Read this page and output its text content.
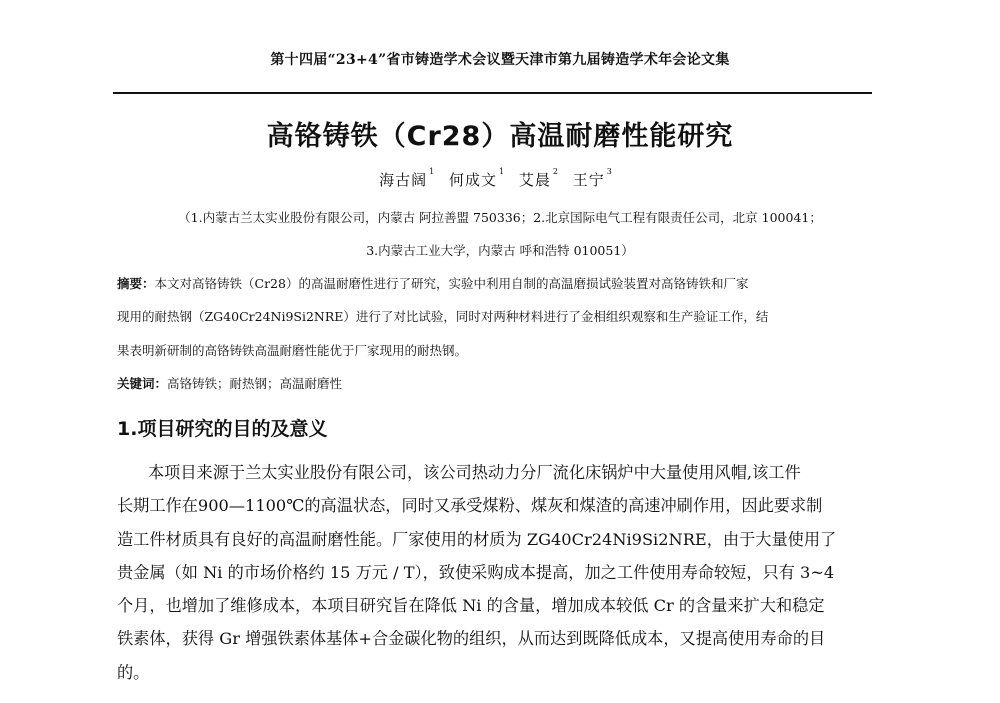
第十四届“23+4”省市铸造学术会议暨天津市第九届铸造学术年会论文集
高铬铸铁（Cr28）高温耐磨性能研究
海古阔 $^1$ 何成文 $^1$ 艾晨 $^2$ 王宁 $^3$
（1.内蒙古兰太实业股份有限公司，内蒙古 阿拉善盟 750336；2.北京国际电气工程有限责任公司，北京 100041；
3.内蒙古工业大学，内蒙古 呼和浩特 010051）
摘要：本文对高铬铸铁（Cr28）的高温耐磨性进行了研究，实验中利用自制的高温磨损试验装置对高铬铸铁和厂家
现用的耐热钢（ZG40Cr24Ni9Si2NRE）进行了对比试验，同时对两种材料进行了金相组织观察和生产验证工作，结
果表明新研制的高铬铸铁高温耐磨性能优于厂家现用的耐热钢。
关键词：高铬铸铁；耐热钢；高温耐磨性
1.项目研究的目的及意义
本项目来源于兰太实业股份有限公司，该公司热动力分厂流化床锅炉中大量使用风帽,该工件
长期工作在900—1100℃的高温状态，同时又承受煤粉、煤灰和煤渣的高速冲刷作用，因此要求制
造工件材质具有良好的高温耐磨性能。厂家使用的材质为 ZG40Cr24Ni9Si2NRE，由于大量使用了
贵金属（如 Ni 的市场价格约 15 万元 / T），致使采购成本提高，加之工件使用寿命较短，只有 3~4
个月，也增加了维修成本，本项目研究旨在降低 Ni 的含量，增加成本较低 Cr 的含量来扩大和稳定
铁素体，获得 Gr 增强铁素体基体+合金碳化物的组织，从而达到既降低成本，又提高使用寿命的目
的。
